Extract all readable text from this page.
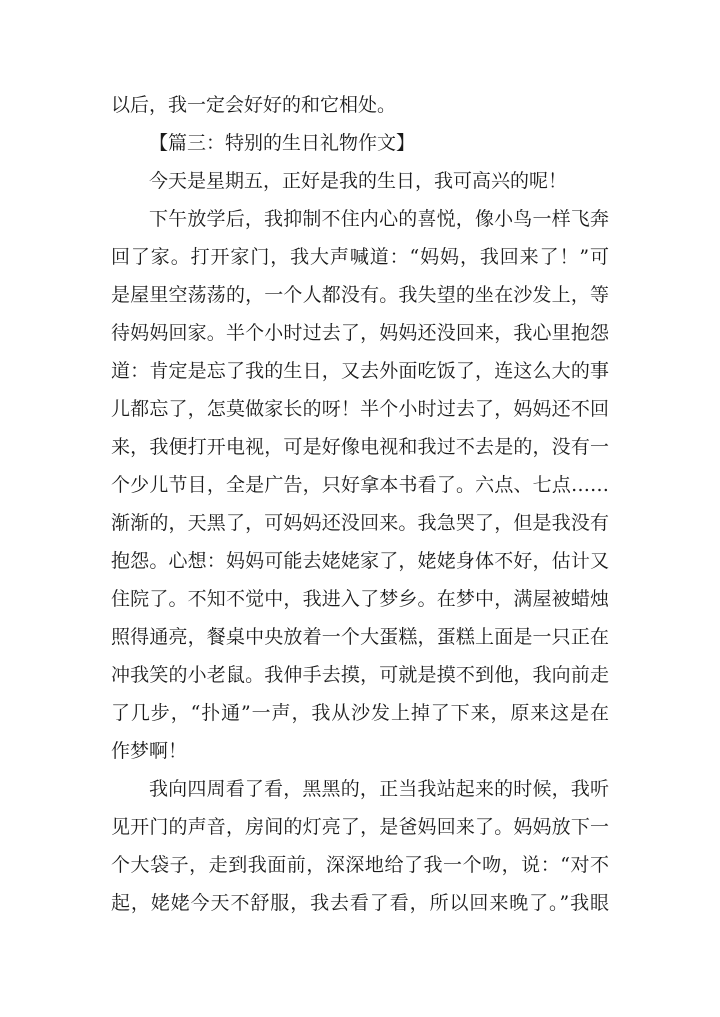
以后，我一定会好好的和它相处。
【篇三：特别的生日礼物作文】
今天是星期五，正好是我的生日，我可高兴的呢！
下午放学后，我抑制不住内心的喜悦，像小鸟一样飞奔
回了家。打开家门，我大声喊道：“妈妈，我回来了！”可
是屋里空荡荡的，一个人都没有。我失望的坐在沙发上，等
待妈妈回家。半个小时过去了，妈妈还没回来，我心里抱怨
道：肯定是忘了我的生日，又去外面吃饭了，连这么大的事
儿都忘了，怎莫做家长的呀！半个小时过去了，妈妈还不回
来，我便打开电视，可是好像电视和我过不去是的，没有一
个少儿节目，全是广告，只好拿本书看了。六点、七点……
渐渐的，天黑了，可妈妈还没回来。我急哭了，但是我没有
抱怨。心想：妈妈可能去姥姥家了，姥姥身体不好，估计又
住院了。不知不觉中，我进入了梦乡。在梦中，满屋被蜡烛
照得通亮，餐桌中央放着一个大蛋糕，蛋糕上面是一只正在
冲我笑的小老鼠。我伸手去摸，可就是摸不到他，我向前走
了几步，“扑通”一声，我从沙发上掉了下来，原来这是在
作梦啊！
我向四周看了看，黑黑的，正当我站起来的时候，我听
见开门的声音，房间的灯亮了，是爸妈回来了。妈妈放下一
个大袋子，走到我面前，深深地给了我一个吻，说：“对不
起，姥姥今天不舒服，我去看了看，所以回来晚了。”我眼
